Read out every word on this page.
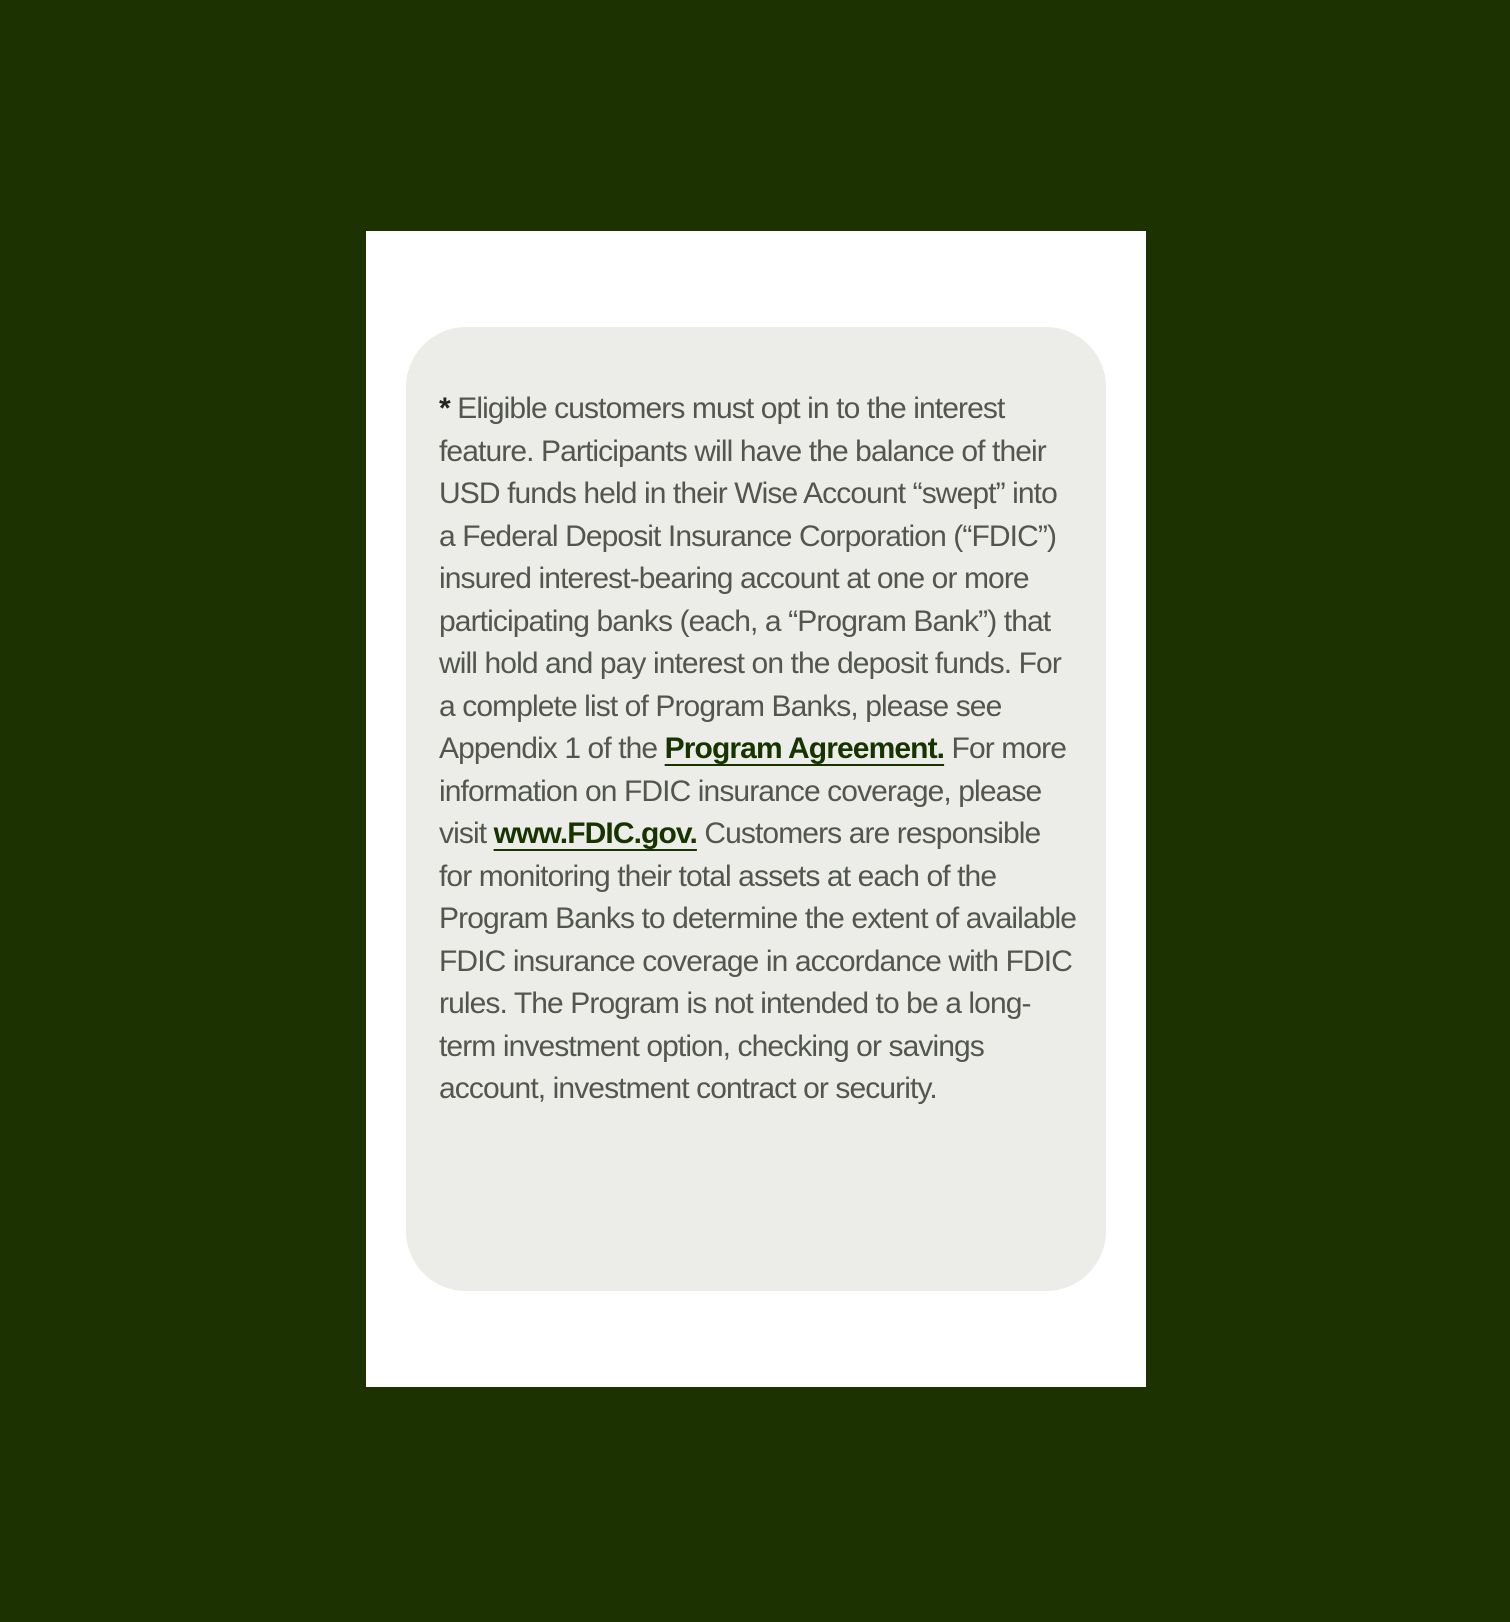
* Eligible customers must opt in to the interest feature. Participants will have the balance of their USD funds held in their Wise Account “swept” into a Federal Deposit Insurance Corporation (“FDIC”) insured interest-bearing account at one or more participating banks (each, a “Program Bank”) that will hold and pay interest on the deposit funds. For a complete list of Program Banks, please see Appendix 1 of the Program Agreement. For more information on FDIC insurance coverage, please visit www.FDIC.gov. Customers are responsible for monitoring their total assets at each of the Program Banks to determine the extent of available FDIC insurance coverage in accordance with FDIC rules. The Program is not intended to be a long-term investment option, checking or savings account, investment contract or security.
